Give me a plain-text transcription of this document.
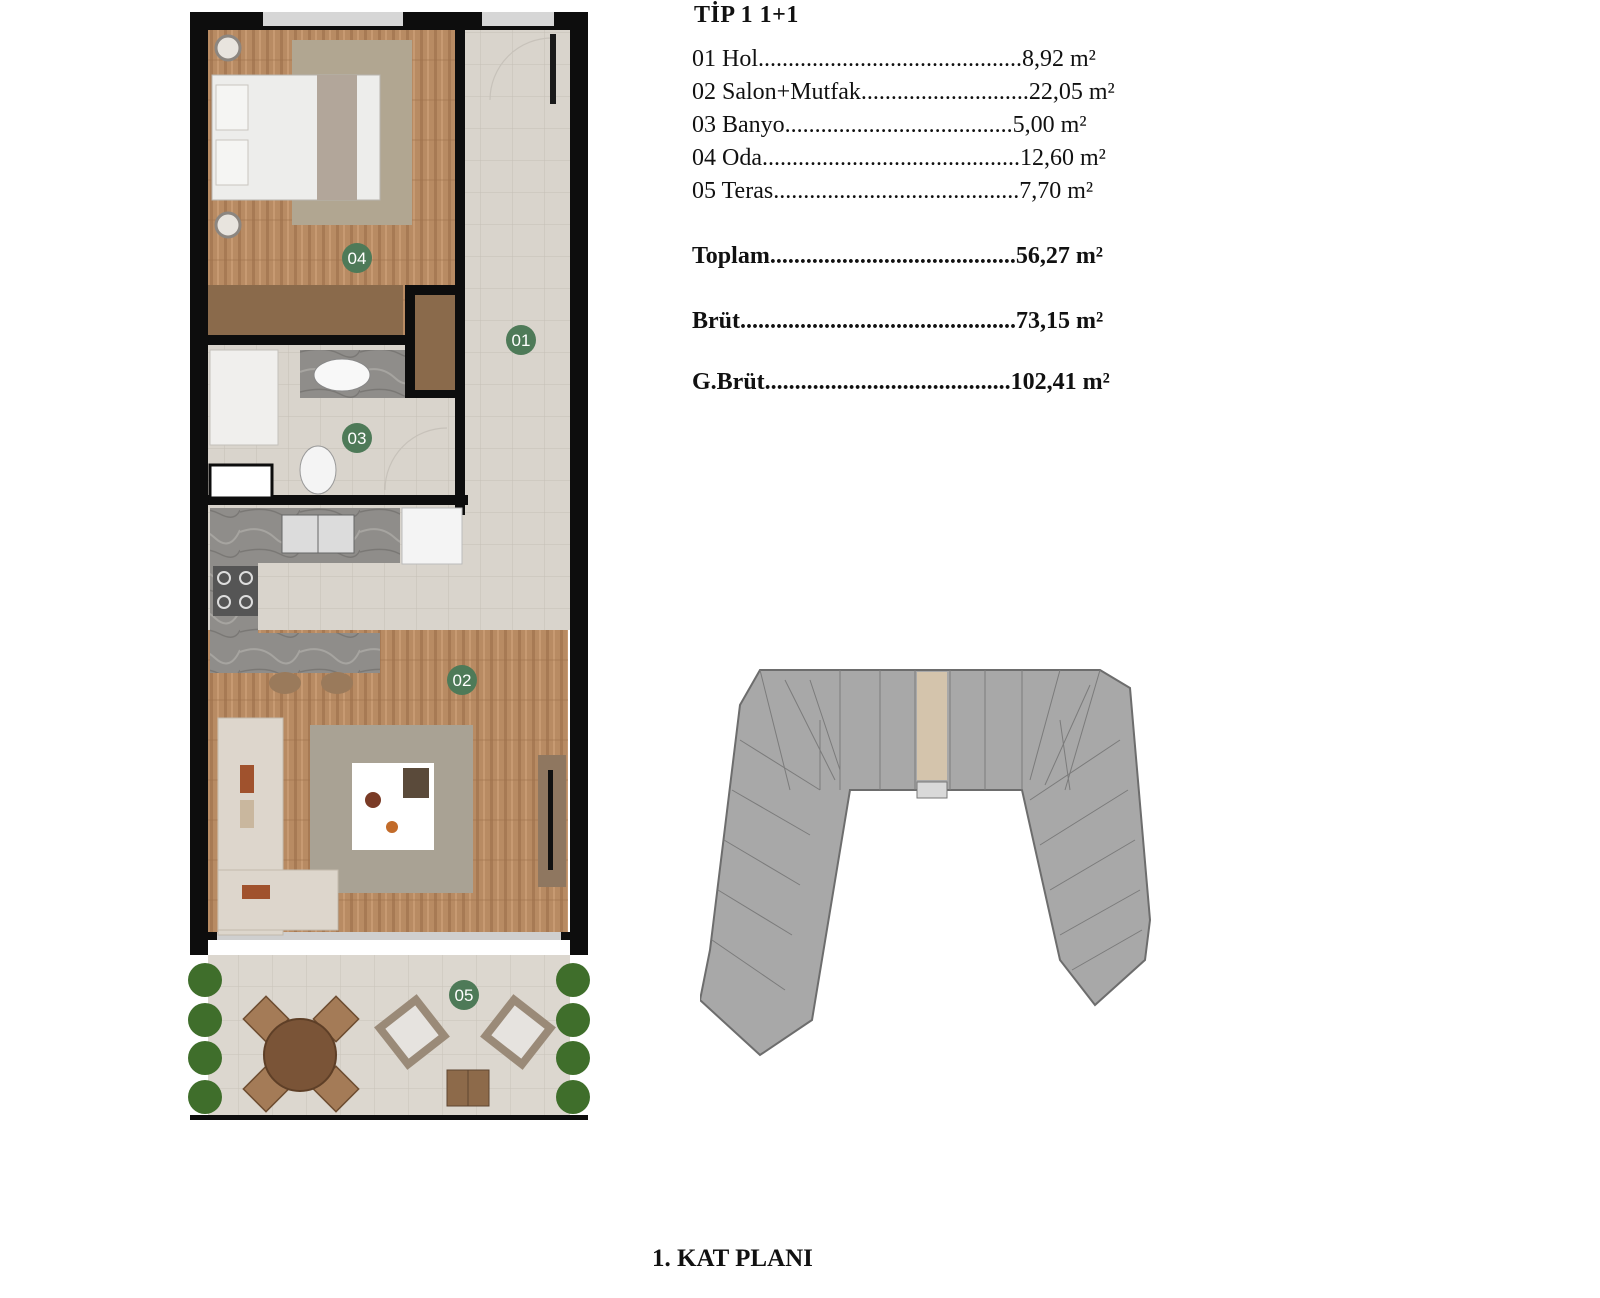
01
02
03
04
05
TİP 1 1+1
01 Hol............................................8,92 m²
02 Salon+Mutfak............................22,05 m²
03 Banyo......................................5,00 m²
04 Oda...........................................12,60 m²
05 Teras.........................................7,70 m²
Toplam.........................................56,27 m²
Brüt..............................................73,15 m²
G.Brüt.........................................102,41 m²
1. KAT PLANI
